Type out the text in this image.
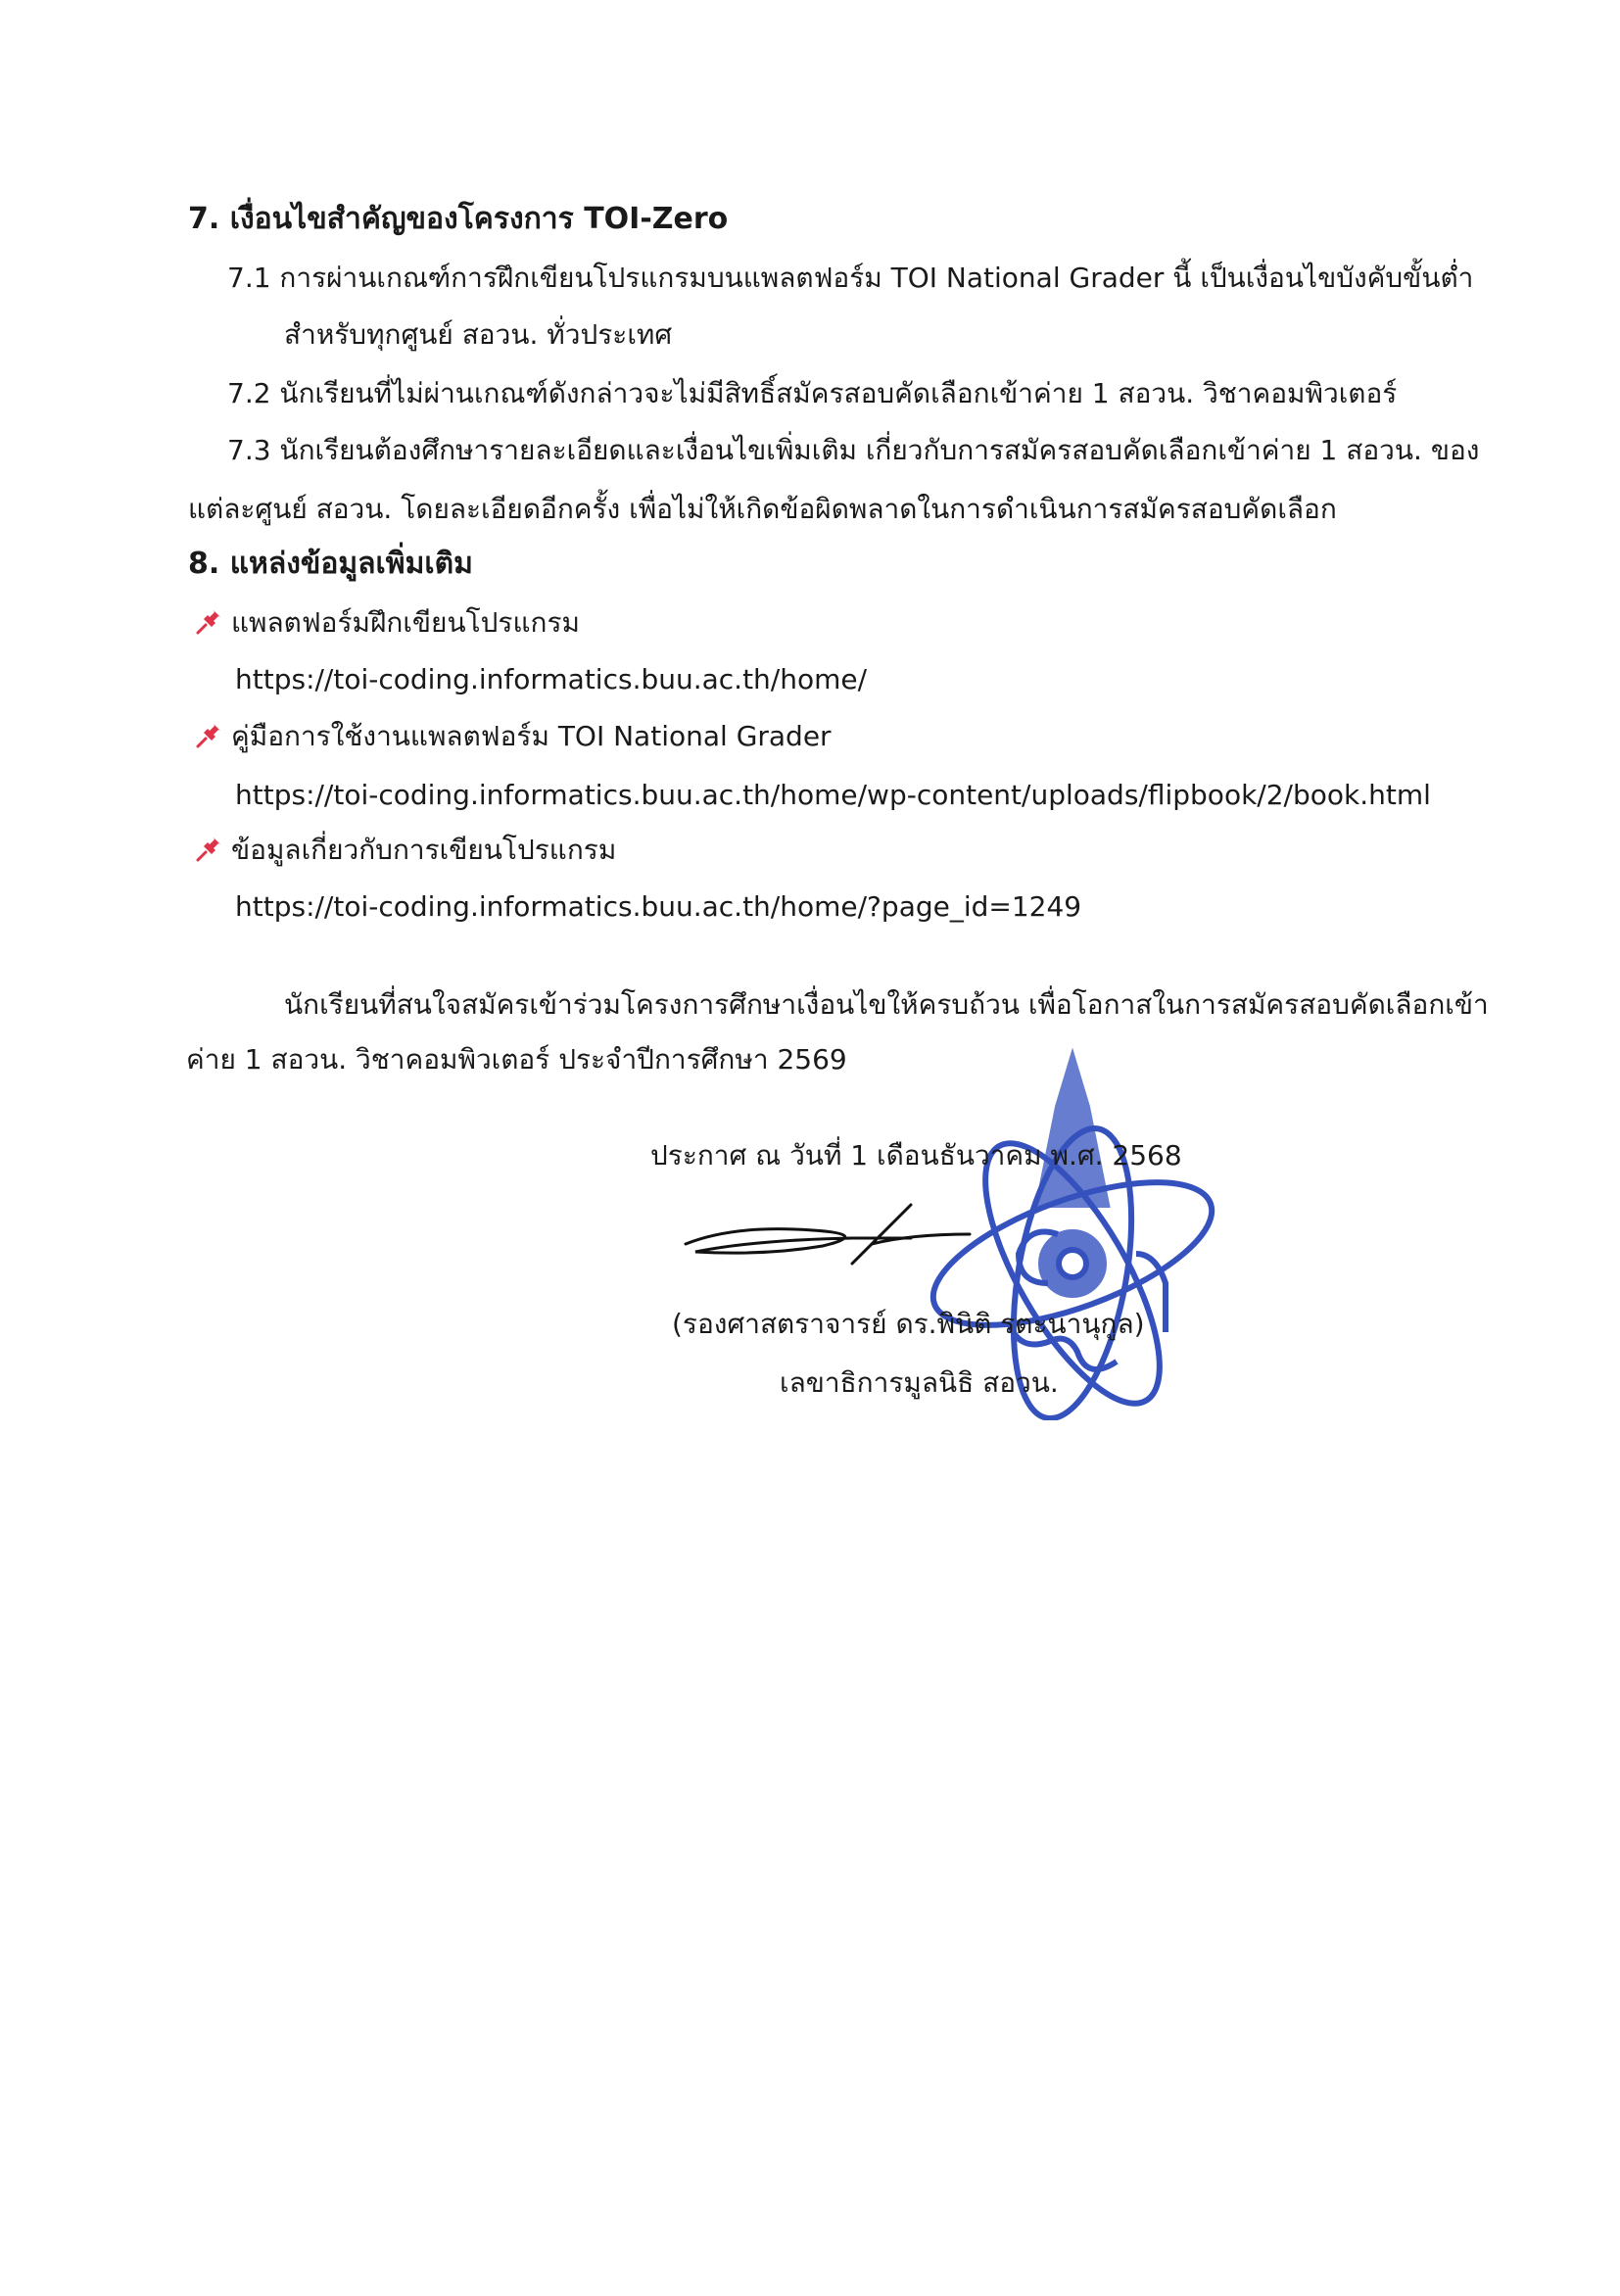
7. เงื่อนไขสำคัญของโครงการ TOI-Zero
7.1 การผ่านเกณฑ์การฝึกเขียนโปรแกรมบนแพลตฟอร์ม TOI National Grader นี้ เป็นเงื่อนไขบังคับขั้นต่ำ
สำหรับทุกศูนย์ สอวน. ทั่วประเทศ
7.2 นักเรียนที่ไม่ผ่านเกณฑ์ดังกล่าวจะไม่มีสิทธิ์สมัครสอบคัดเลือกเข้าค่าย 1 สอวน. วิชาคอมพิวเตอร์
7.3 นักเรียนต้องศึกษารายละเอียดและเงื่อนไขเพิ่มเติม เกี่ยวกับการสมัครสอบคัดเลือกเข้าค่าย 1 สอวน. ของ
แต่ละศูนย์ สอวน. โดยละเอียดอีกครั้ง เพื่อไม่ให้เกิดข้อผิดพลาดในการดำเนินการสมัครสอบคัดเลือก
8. แหล่งข้อมูลเพิ่มเติม
แพลตฟอร์มฝึกเขียนโปรแกรม
https://toi-coding.informatics.buu.ac.th/home/
คู่มือการใช้งานแพลตฟอร์ม TOI National Grader
https://toi-coding.informatics.buu.ac.th/home/wp-content/uploads/flipbook/2/book.html
ข้อมูลเกี่ยวกับการเขียนโปรแกรม
https://toi-coding.informatics.buu.ac.th/home/?page_id=1249
นักเรียนที่สนใจสมัครเข้าร่วมโครงการศึกษาเงื่อนไขให้ครบถ้วน เพื่อโอกาสในการสมัครสอบคัดเลือกเข้า
ค่าย 1 สอวน. วิชาคอมพิวเตอร์ ประจำปีการศึกษา 2569
ประกาศ ณ วันที่ 1 เดือนธันวาคม พ.ศ. 2568
(รองศาสตราจารย์ ดร.พินิติ รตะนานุกูล)
เลขาธิการมูลนิธิ สอวน.
